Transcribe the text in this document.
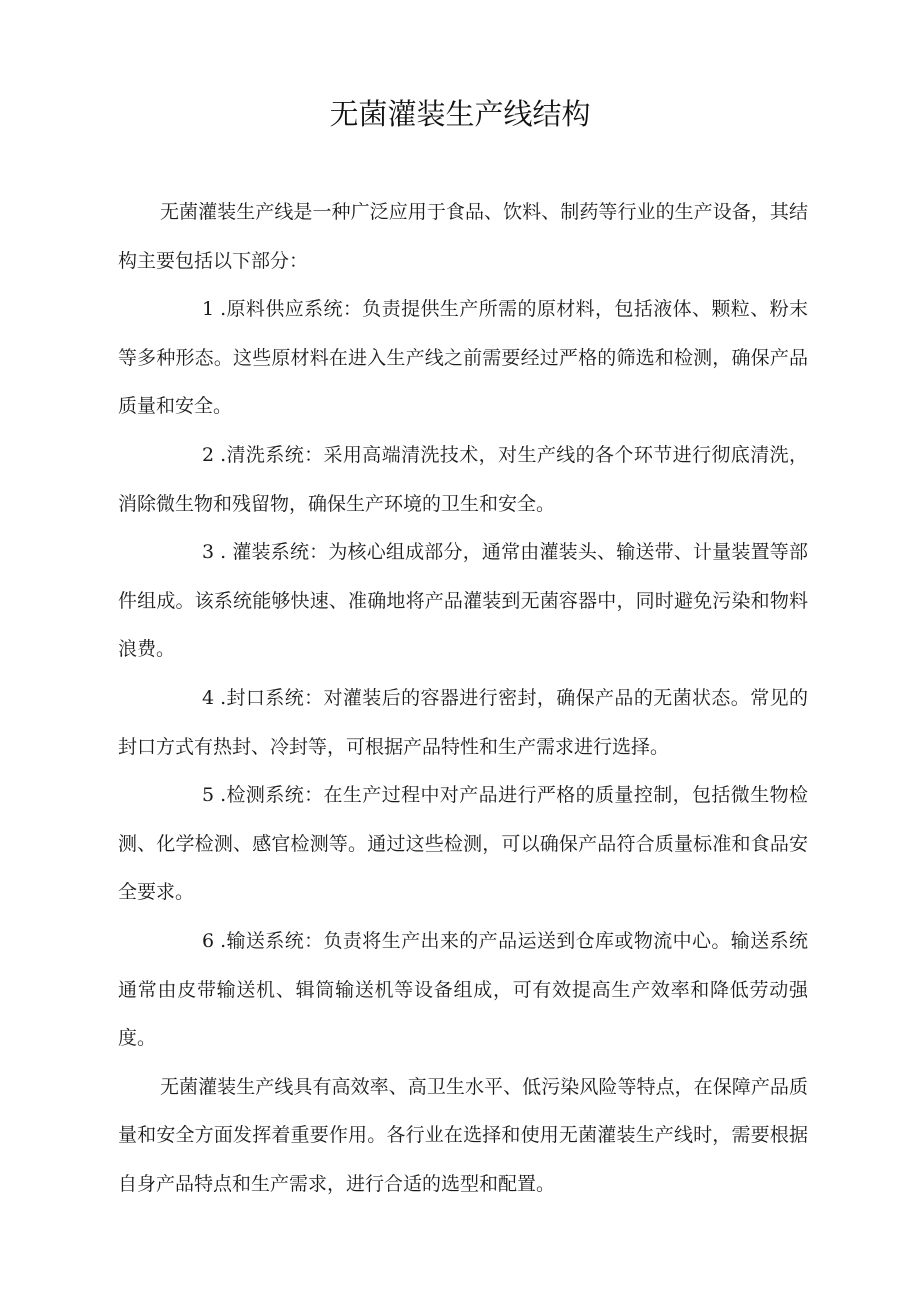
无菌灌装生产线结构

无菌灌装生产线是一种广泛应用于食品、饮料、制药等行业的生产设备，其结构主要包括以下部分：

1 .原料供应系统：负责提供生产所需的原材料，包括液体、颗粒、粉末等多种形态。这些原材料在进入生产线之前需要经过严格的筛选和检测，确保产品质量和安全。

2 .清洗系统：采用高端清洗技术，对生产线的各个环节进行彻底清洗，消除微生物和残留物，确保生产环境的卫生和安全。

3 . 灌装系统：为核心组成部分，通常由灌装头、输送带、计量装置等部件组成。该系统能够快速、准确地将产品灌装到无菌容器中，同时避免污染和物料浪费。

4 .封口系统：对灌装后的容器进行密封，确保产品的无菌状态。常见的封口方式有热封、冷封等，可根据产品特性和生产需求进行选择。

5 .检测系统：在生产过程中对产品进行严格的质量控制，包括微生物检测、化学检测、感官检测等。通过这些检测，可以确保产品符合质量标准和食品安全要求。

6 .输送系统：负责将生产出来的产品运送到仓库或物流中心。输送系统通常由皮带输送机、辑筒输送机等设备组成，可有效提高生产效率和降低劳动强度。

无菌灌装生产线具有高效率、高卫生水平、低污染风险等特点，在保障产品质量和安全方面发挥着重要作用。各行业在选择和使用无菌灌装生产线时，需要根据自身产品特点和生产需求，进行合适的选型和配置。
